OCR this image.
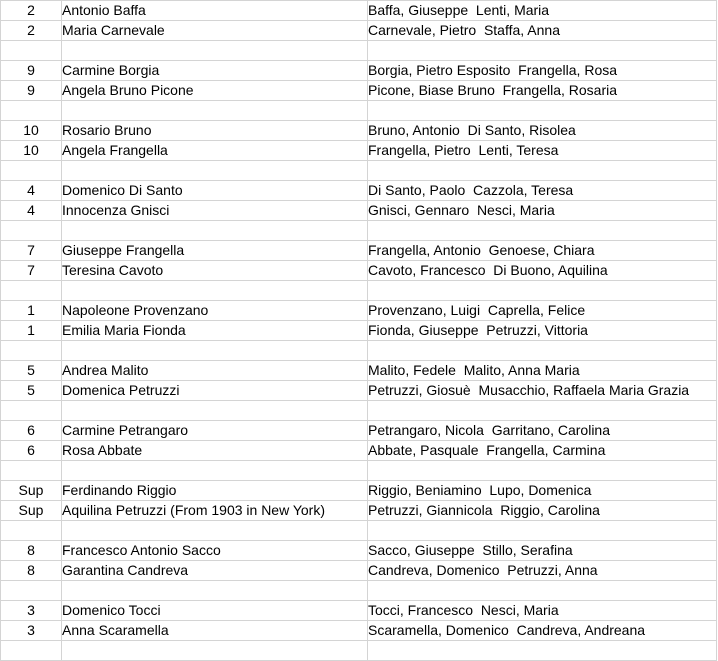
2	Antonio Baffa	Baffa, Giuseppe  Lenti, Maria
2	Maria Carnevale	Carnevale, Pietro  Staffa, Anna

9	Carmine Borgia	Borgia, Pietro Esposito  Frangella, Rosa
9	Angela Bruno Picone	Picone, Biase Bruno  Frangella, Rosaria

10	Rosario Bruno	Bruno, Antonio  Di Santo, Risolea
10	Angela Frangella	Frangella, Pietro  Lenti, Teresa

4	Domenico Di Santo	Di Santo, Paolo  Cazzola, Teresa
4	Innocenza Gnisci	Gnisci, Gennaro  Nesci, Maria

7	Giuseppe Frangella	Frangella, Antonio  Genoese, Chiara
7	Teresina Cavoto	Cavoto, Francesco  Di Buono, Aquilina

1	Napoleone Provenzano	Provenzano, Luigi  Caprella, Felice
1	Emilia Maria Fionda	Fionda, Giuseppe  Petruzzi, Vittoria

5	Andrea Malito	Malito, Fedele  Malito, Anna Maria
5	Domenica Petruzzi	Petruzzi, Giosuè  Musacchio, Raffaela Maria Grazia

6	Carmine Petrangaro	Petrangaro, Nicola  Garritano, Carolina
6	Rosa Abbate	Abbate, Pasquale  Frangella, Carmina

Sup	Ferdinando Riggio	Riggio, Beniamino  Lupo, Domenica
Sup	Aquilina Petruzzi (From 1903 in New York)	Petruzzi, Giannicola  Riggio, Carolina

8	Francesco Antonio Sacco	Sacco, Giuseppe  Stillo, Serafina
8	Garantina Candreva	Candreva, Domenico  Petruzzi, Anna

3	Domenico Tocci	Tocci, Francesco  Nesci, Maria
3	Anna Scaramella	Scaramella, Domenico  Candreva, Andreana
